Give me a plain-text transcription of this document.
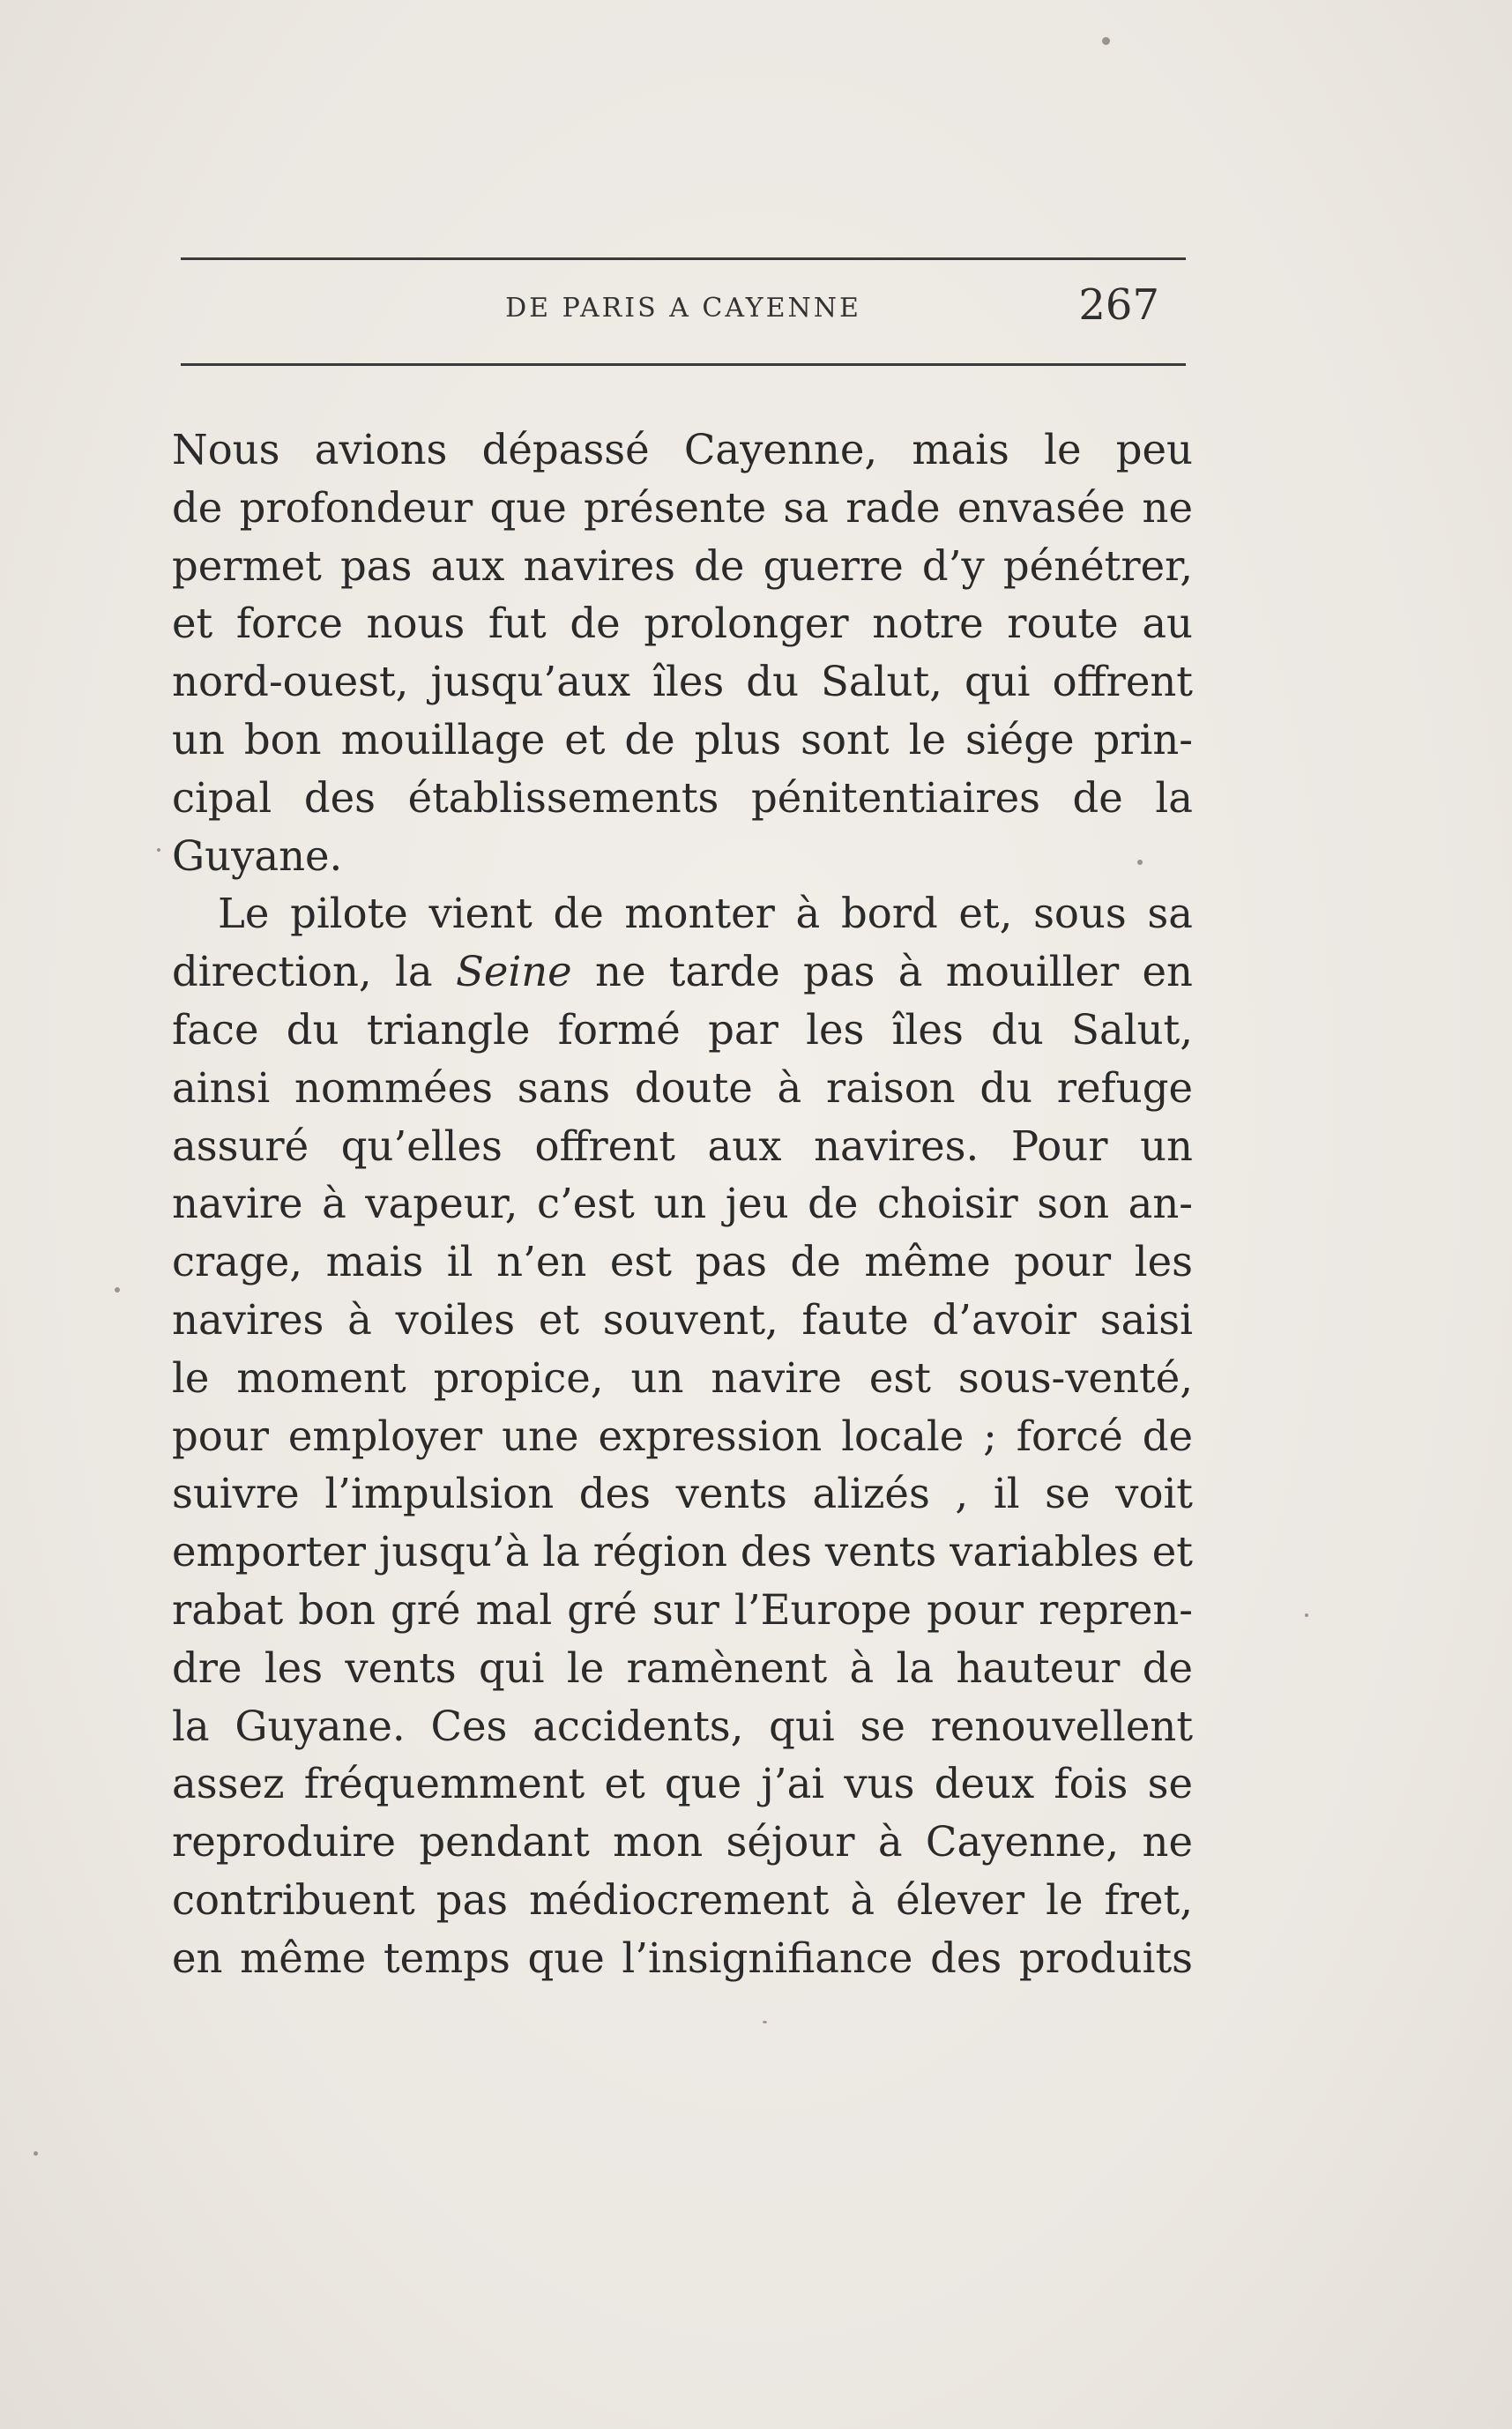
DE PARIS A CAYENNE	267
Nous avions dépassé Cayenne, mais le peu
de profondeur que présente sa rade envasée ne
permet pas aux navires de guerre d’y pénétrer,
et force nous fut de prolonger notre route au
nord-ouest, jusqu’aux îles du Salut, qui offrent
un bon mouillage et de plus sont le siége prin-
cipal des établissements pénitentiaires de la
Guyane.
Le pilote vient de monter à bord et, sous sa
direction, la Seine ne tarde pas à mouiller en
face du triangle formé par les îles du Salut,
ainsi nommées sans doute à raison du refuge
assuré qu’elles offrent aux navires. Pour un
navire à vapeur, c’est un jeu de choisir son an-
crage, mais il n’en est pas de même pour les
navires à voiles et souvent, faute d’avoir saisi
le moment propice, un navire est sous-venté,
pour employer une expression locale ; forcé de
suivre l’impulsion des vents alizés , il se voit
emporter jusqu’à la région des vents variables et
rabat bon gré mal gré sur l’Europe pour repren-
dre les vents qui le ramènent à la hauteur de
la Guyane. Ces accidents, qui se renouvellent
assez fréquemment et que j’ai vus deux fois se
reproduire pendant mon séjour à Cayenne, ne
contribuent pas médiocrement à élever le fret,
en même temps que l’insignifiance des produits
